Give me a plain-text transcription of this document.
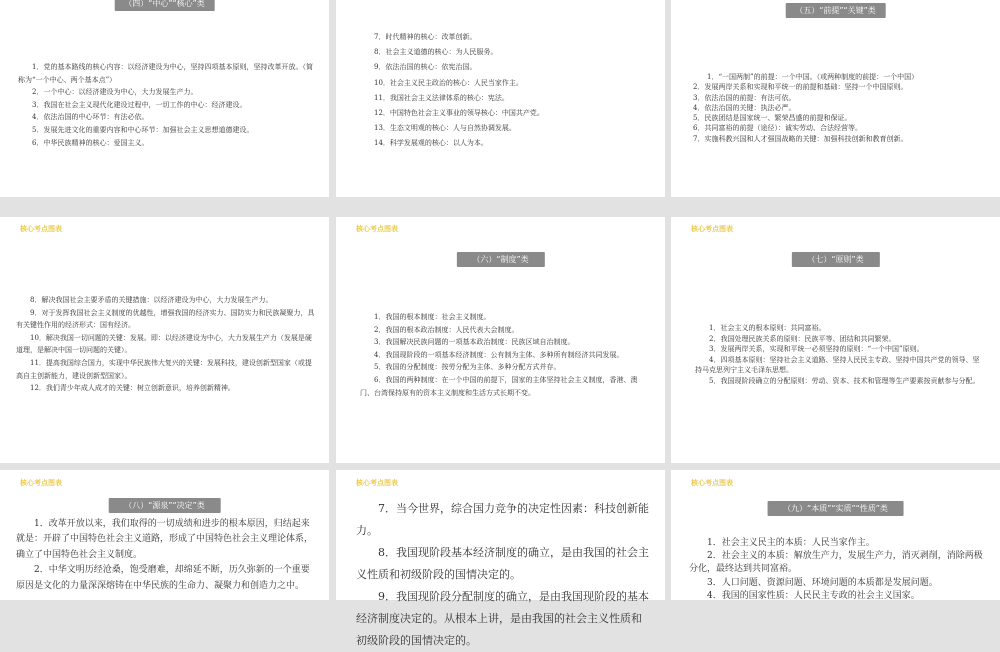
（四）“中心”“核心”类

1．党的基本路线的核心内容：以经济建设为中心，坚持四项基本原则，坚持改革开放。（简称为“一个中心、两个基本点”）

2．一个中心：以经济建设为中心，大力发展生产力。

3．我国在社会主义现代化建设过程中，一切工作的中心：经济建设。

4．依法治国的中心环节：有法必依。

5．发展先进文化的重要内容和中心环节：加强社会主义思想道德建设。

6．中华民族精神的核心：爱国主义。

7．时代精神的核心：改革创新。

8．社会主义道德的核心：为人民服务。

9．依法治国的核心：依宪治国。

10．社会主义民主政治的核心：人民当家作主。

11．我国社会主义法律体系的核心：宪法。

12．中国特色社会主义事业的领导核心：中国共产党。

13．生态文明观的核心：人与自然协调发展。

14．科学发展观的核心：以人为本。

（五）“前提”“关键”类

1．“一国两制”的前提：一个中国。（或两种制度的前提：一个中国）

2．发展两岸关系和实现和平统一的前提和基础：坚持一个中国原则。

3．依法治国的前提：有法可依。

4．依法治国的关键：执法必严。

5．民族团结是国家统一、繁荣昌盛的前提和保证。

6．共同富裕的前提（途径）：诚实劳动、合法经营等。

7．实施科教兴国和人才强国战略的关键：加强科技创新和教育创新。

核心考点图表

8．解决我国社会主要矛盾的关键措施：以经济建设为中心，大力发展生产力。

9．对于发挥我国社会主义制度的优越性，增强我国的经济实力、国防实力和民族凝聚力，具有关键性作用的经济形式：国有经济。

10．解决我国一切问题的关键：发展。即：以经济建设为中心，大力发展生产力（发展是硬道理，是解决中国一切问题的关键）。

11．提高我国综合国力，实现中华民族伟大复兴的关键：发展科技，建设创新型国家（或提高自主创新能力，建设创新型国家）。

12．我们青少年成人成才的关键：树立创新意识，培养创新精神。

核心考点图表
（六）“制度”类

1．我国的根本制度：社会主义制度。

2．我国的根本政治制度：人民代表大会制度。

3．我国解决民族问题的一项基本政治制度：民族区域自治制度。

4．我国现阶段的一项基本经济制度：公有制为主体、多种所有制经济共同发展。

5．我国的分配制度：按劳分配为主体、多种分配方式并存。

6．我国的两种制度：在一个中国的前提下，国家的主体坚持社会主义制度，香港、澳门、台湾保持原有的资本主义制度和生活方式长期不变。

核心考点图表
（七）“原则”类

1．社会主义的根本原则：共同富裕。

2．我国处理民族关系的原则：民族平等、团结和共同繁荣。

3．发展两岸关系，实现和平统一必须坚持的原则：“一个中国”原则。

4．四项基本原则：坚持社会主义道路、坚持人民民主专政、坚持中国共产党的领导、坚持马克思列宁主义毛泽东思想。

5．我国现阶段确立的分配原则：劳动、资本、技术和管理等生产要素按贡献参与分配。

核心考点图表
（八）“源泉”“决定”类

1．改革开放以来，我们取得的一切成绩和进步的根本原因，归结起来就是：开辟了中国特色社会主义道路，形成了中国特色社会主义理论体系，确立了中国特色社会主义制度。

2．中华文明历经沧桑，饱受磨难，却绵延不断，历久弥新的一个重要原因是文化的力量深深熔铸在中华民族的生命力、凝聚力和创造力之中。

核心考点图表

7．当今世界，综合国力竞争的决定性因素：科技创新能力。

8．我国现阶段基本经济制度的确立，是由我国的社会主义性质和初级阶段的国情决定的。

9．我国现阶段分配制度的确立，是由我国现阶段的基本经济制度决定的。从根本上讲，是由我国的社会主义性质和初级阶段的国情决定的。

核心考点图表
（九）“本质”“实质”“性质”类

1．社会主义民主的本质：人民当家作主。

2．社会主义的本质：解放生产力，发展生产力，消灭剥削，消除两极分化，最终达到共同富裕。

3．人口问题、资源问题、环境问题的本质都是发展问题。

4．我国的国家性质：人民民主专政的社会主义国家。
